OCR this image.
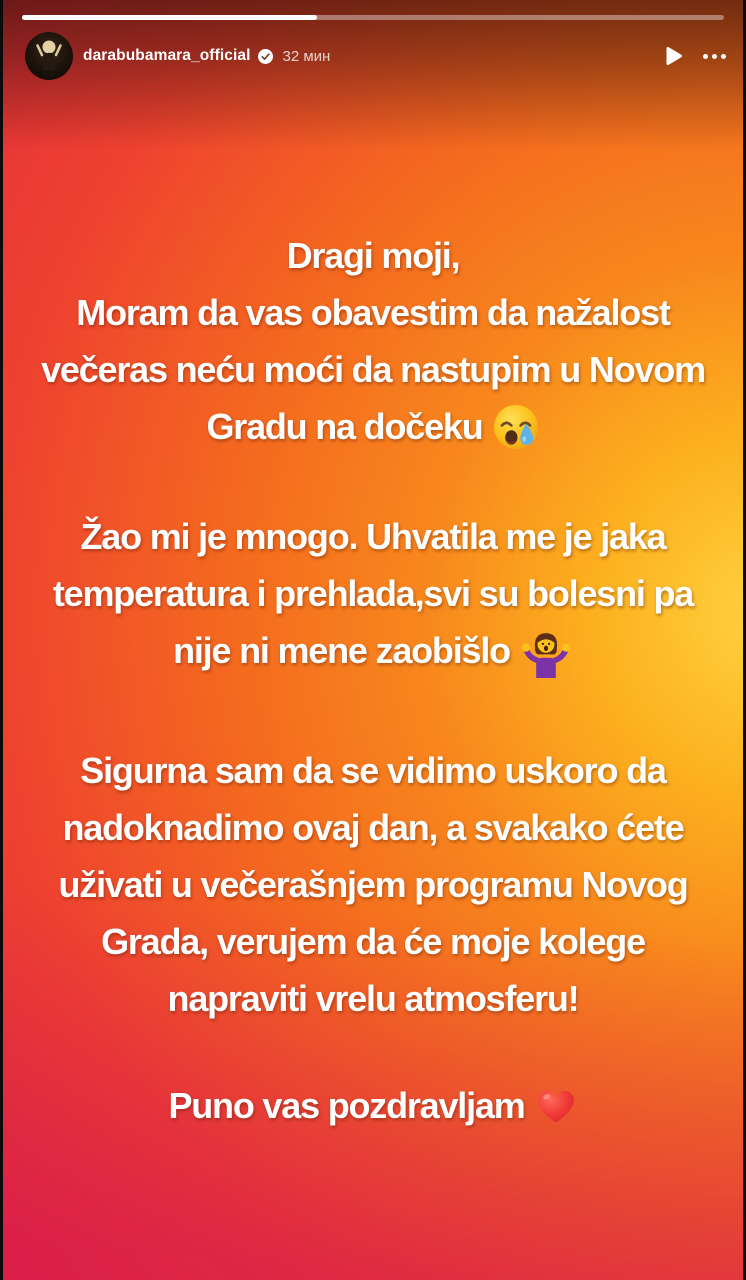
darabubamara_official 32 мин
Dragi moji,
Moram da vas obavestim da nažalost
večeras neću moći da nastupim u Novom
Gradu na dočeku
Žao mi je mnogo. Uhvatila me je jaka
temperatura i prehlada,svi su bolesni pa
nije ni mene zaobišlo
Sigurna sam da se vidimo uskoro da
nadoknadimo ovaj dan, a svakako ćete
uživati u večerašnjem programu Novog
Grada, verujem da će moje kolege
napraviti vrelu atmosferu!
Puno vas pozdravljam
